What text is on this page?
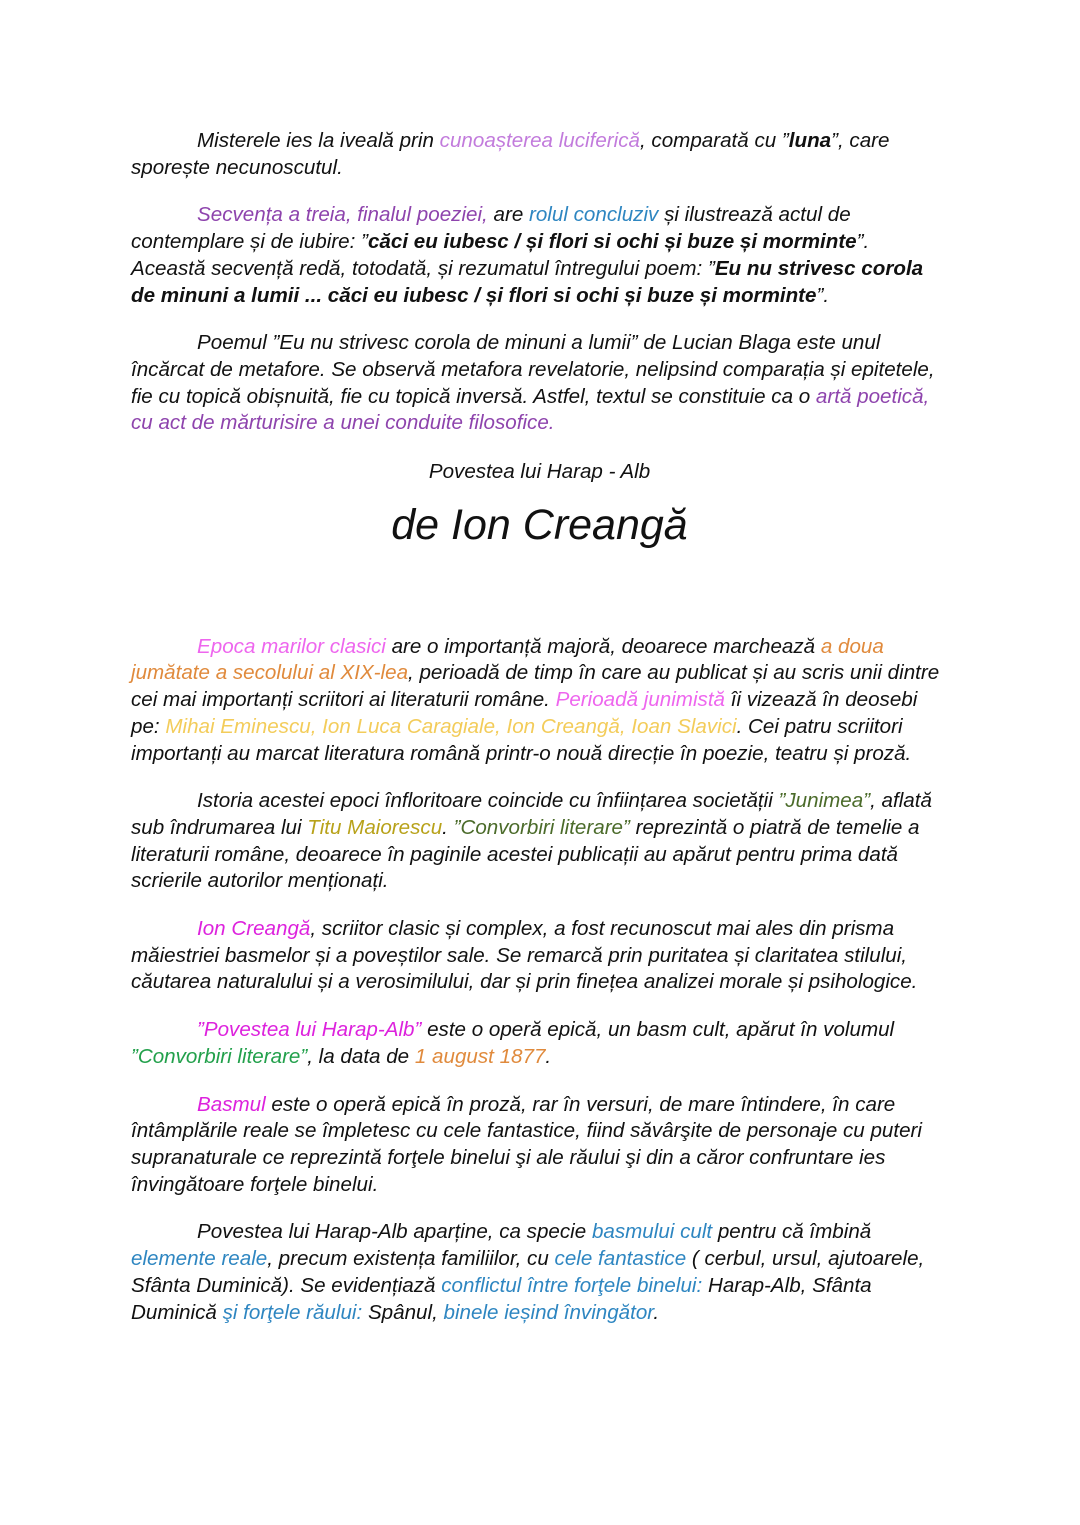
Misterele ies la iveală prin cunoașterea luciferică, comparată cu ”luna”, care sporește necunoscutul.

Secvența a treia, finalul poeziei, are rolul concluziv și ilustrează actul de contemplare și de iubire: ”căci eu iubesc / și flori si ochi și buze și morminte”. Această secvență redă, totodată, și rezumatul întregului poem: ”Eu nu strivesc corola de minuni a lumii ... căci eu iubesc / și flori si ochi și buze și morminte”.

Poemul ”Eu nu strivesc corola de minuni a lumii” de Lucian Blaga este unul încărcat de metafore. Se observă metafora revelatorie, nelipsind comparația și epitetele, fie cu topică obișnuită, fie cu topică inversă. Astfel, textul se constituie ca o artă poetică, cu act de mărturisire a unei conduite filosofice.

Povestea lui Harap - Alb
de Ion Creangă

Epoca marilor clasici are o importanță majoră, deoarece marchează a doua jumătate a secolului al XIX-lea, perioadă de timp în care au publicat și au scris unii dintre cei mai importanți scriitori ai literaturii române. Perioadă junimistă îi vizează în deosebi pe: Mihai Eminescu, Ion Luca Caragiale, Ion Creangă, Ioan Slavici. Cei patru scriitori importanți au marcat literatura română printr-o nouă direcție în poezie, teatru și proză.

Istoria acestei epoci înfloritoare coincide cu înființarea societății ”Junimea”, aflată sub îndrumarea lui Titu Maiorescu. ”Convorbiri literare” reprezintă o piatră de temelie a literaturii române, deoarece în paginile acestei publicații au apărut pentru prima dată scrierile autorilor menționați.

Ion Creangă, scriitor clasic și complex, a fost recunoscut mai ales din prisma măiestriei basmelor și a poveștilor sale. Se remarcă prin puritatea și claritatea stilului, căutarea naturalului și a verosimilului, dar și prin finețea analizei morale și psihologice.

”Povestea lui Harap-Alb” este o operă epică, un basm cult, apărut în volumul ”Convorbiri literare”, la data de 1 august 1877.

Basmul este o operă epică în proză, rar în versuri, de mare întindere, în care întâmplările reale se împletesc cu cele fantastice, fiind săvârşite de personaje cu puteri supranaturale ce reprezintă forţele binelui şi ale răului şi din a căror confruntare ies învingătoare forţele binelui.

Povestea lui Harap-Alb aparține, ca specie basmului cult pentru că îmbină elemente reale, precum existența familiilor, cu cele fantastice ( cerbul, ursul, ajutoarele, Sfânta Duminică). Se evidențiază conflictul între forţele binelui: Harap-Alb, Sfânta Duminică şi forţele răului: Spânul, binele ieșind învingător.
